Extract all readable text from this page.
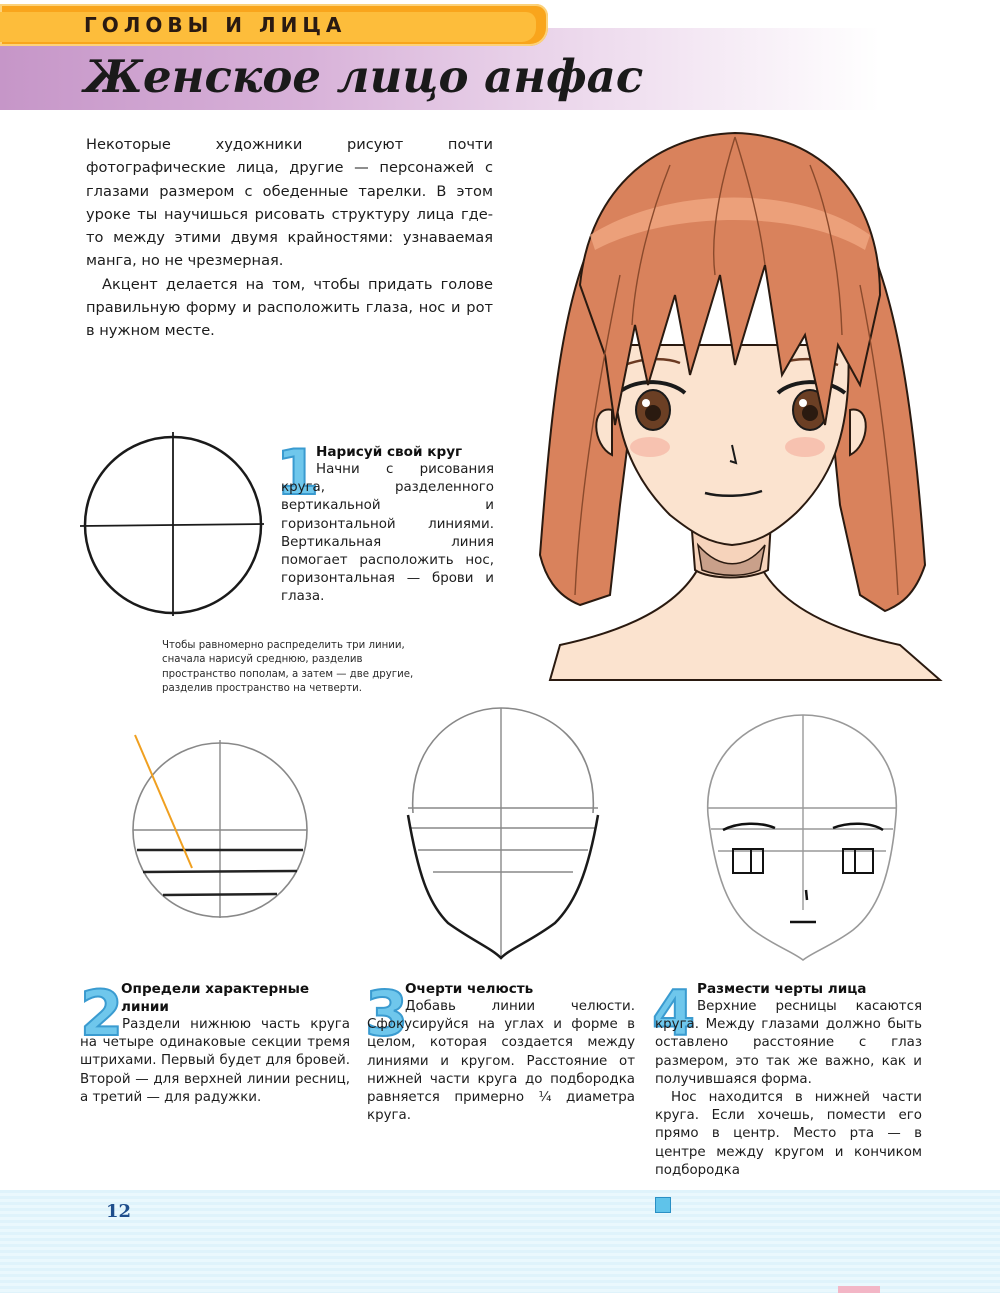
ГОЛОВЫ И ЛИЦА
Женское лицо анфас

Некоторые художники рисуют почти фотографические лица, другие — персонажей с глазами размером с обеденные тарелки. В этом уроке ты научишься рисовать структуру лица где-то между этими двумя крайностями: узнаваемая манга, но не чрезмерная.

Акцент делается на том, чтобы придать голове правильную форму и расположить глаза, нос и рот в нужном месте.

1
Нарисуй свой круг
Начни с рисования круга, разделенного вертикальной и горизонтальной линиями. Вертикальная линия помогает расположить нос, горизонтальная — брови и глаза.
Чтобы равномерно распределить три линии, сначала нарисуй среднюю, разделив пространство пополам, а затем — две другие, разделив пространство на четверти.
2
Определи характерные линии
Раздели нижнюю часть круга на четыре одинаковые секции тремя штрихами. Первый будет для бровей. Второй — для верхней линии ресниц, а третий — для радужки.
3
Очерти челюсть
Добавь линии челюсти. Сфокусируйся на углах и форме в целом, которая создается между линиями и кругом. Расстояние от нижней части круга до подбородка равняется примерно ¼ диаметра круга.
4 Размести черты лица
Верхние ресницы касаются круга. Между глазами должно быть оставлено расстояние с глаз размером, это так же важно, как и получившаяся форма.
Нос находится в нижней части круга. Если хочешь, помести его прямо в центр. Место рта — в центре между кругом и кончиком подбородка
12
